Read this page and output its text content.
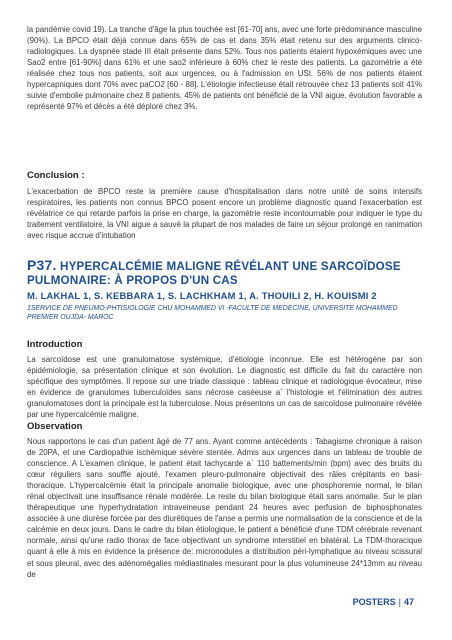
la pandémie covid 19). La tranche d'âge la plus touchée est [61-70] ans, avec une forte prédominance masculine (90%). La BPCO était déjà connue dans 65% de cas et dans 35% était retenu sur des arguments clinico-radiologiques. La dyspnée stade III était présente dans 52%. Tous nos patients étaient hypoxémiques avec une Sao2 entre [61-90%] dans 61% et une sao2 inférieure à 60% chez le reste des patients. La gazométrie a été réalisée chez tous nos patients, soit aux urgences, ou à l'admission en USI. 56% de nos patients étaient hypercapniques dont 70% avec paCO2 [60 - 88]. L'étiologie infectieuse était retrouvée chez 13 patients soit 41% suivie d'embolie pulmonaire chez 8 patients. 45% de patients ont bénéficié de la VNI aigue, évolution favorable a représenté 97% et décès a été déploré chez 3%.

Conclusion :

L'exacerbation de BPCO reste la première cause d'hospitalisation dans notre unité de soins intensifs respiratoires, les patients non connus BPCO posent encore un problème diagnostic quand l'exacerbation est révélatrice ce qui retarde parfois la prise en charge, la gazométrie reste incontournable pour indiquer le type du traitement ventilatoire, la VNI aigue a sauvé la plupart de nos malades de faire un séjour prolongé en ranimation avec risque accrue d'intubation

P37. HYPERCALCÉMIE MALIGNE RÉVÉLANT UNE SARCOÏDOSE PULMONAIRE: À PROPOS D'UN CAS

M. LAKHAL 1, S. KEBBARA 1, S. LACHKHAM 1, A. THOUILI 2, H. KOUISMI 2

1SERVICE DE PNEUMO-PHTISIOLOGIE CHU MOHAMMED VI -FACULTE DE MEDECINE, UNIVERSITE MOHAMMED PREMIER OUJDA- MAROC

Introduction

La sarcoïdose est une granulomatose systémique, d'étiologie inconnue. Elle est hétérogène par son épidémiologie, sa présentation clinique et son évolution. Le diagnostic est difficile du fait du caractère non spécifique des symptômes. Il repose sur une triade classique : tableau clinique et radiologique évocateur, mise en évidence de granulomes tuberculoïdes sans nécrose caséeuse a` l'histologie et l'élimination des autres granulomatoses dont la principale est la tuberculose. Nous présentons un cas de sarcoïdose pulmonaire révélée par une hypercalcémie maligne.

Observation

Nous rapportons le cas d'un patient âgé de 77 ans. Ayant comme antécédents : Tabagisme chronique à raison de 20PA, et une Cardiopathie ischémique sévère stentée. Admis aux urgences dans un tableau de trouble de conscience. A L'examen clinique, le patient était tachycarde a` 110 battements/min (bpm) avec des bruits du cœur réguliers sans souffle ajouté, l'examen pleuro-pulmonaire objectivait des râles crépitants en basi-thoracique. L'hypercalcémie était la principale anomalie biologique, avec une phosphoremie normal, le bilan rénal objectivait une insuffisance rénale modérée. Le reste du bilan biologique était sans anomalie. Sur le plan thérapeutique une hyperhydratation intraveineuse pendant 24 heures avec perfusion de biphosphonates associée à une diurèse forcée par des diurétiques de l'anse a permis une normalisation de la conscience et de la calcémie en deux jours. Dans le cadre du bilan étiologique, le patient a bénéficié d'une TDM cérébrale revenant normale, ainsi qu'une radio thorax de face objectivant un syndrome interstitiel en bilatéral. La TDM-thoracique quant à elle à mis en évidence la présence de: micronodules a distribution péri-lymphatique au niveau scissural et sous pleural, avec des adénomégalies médiastinales mesurant pour la plus volumineuse 24*13mm au niveau de

POSTERS | 47
